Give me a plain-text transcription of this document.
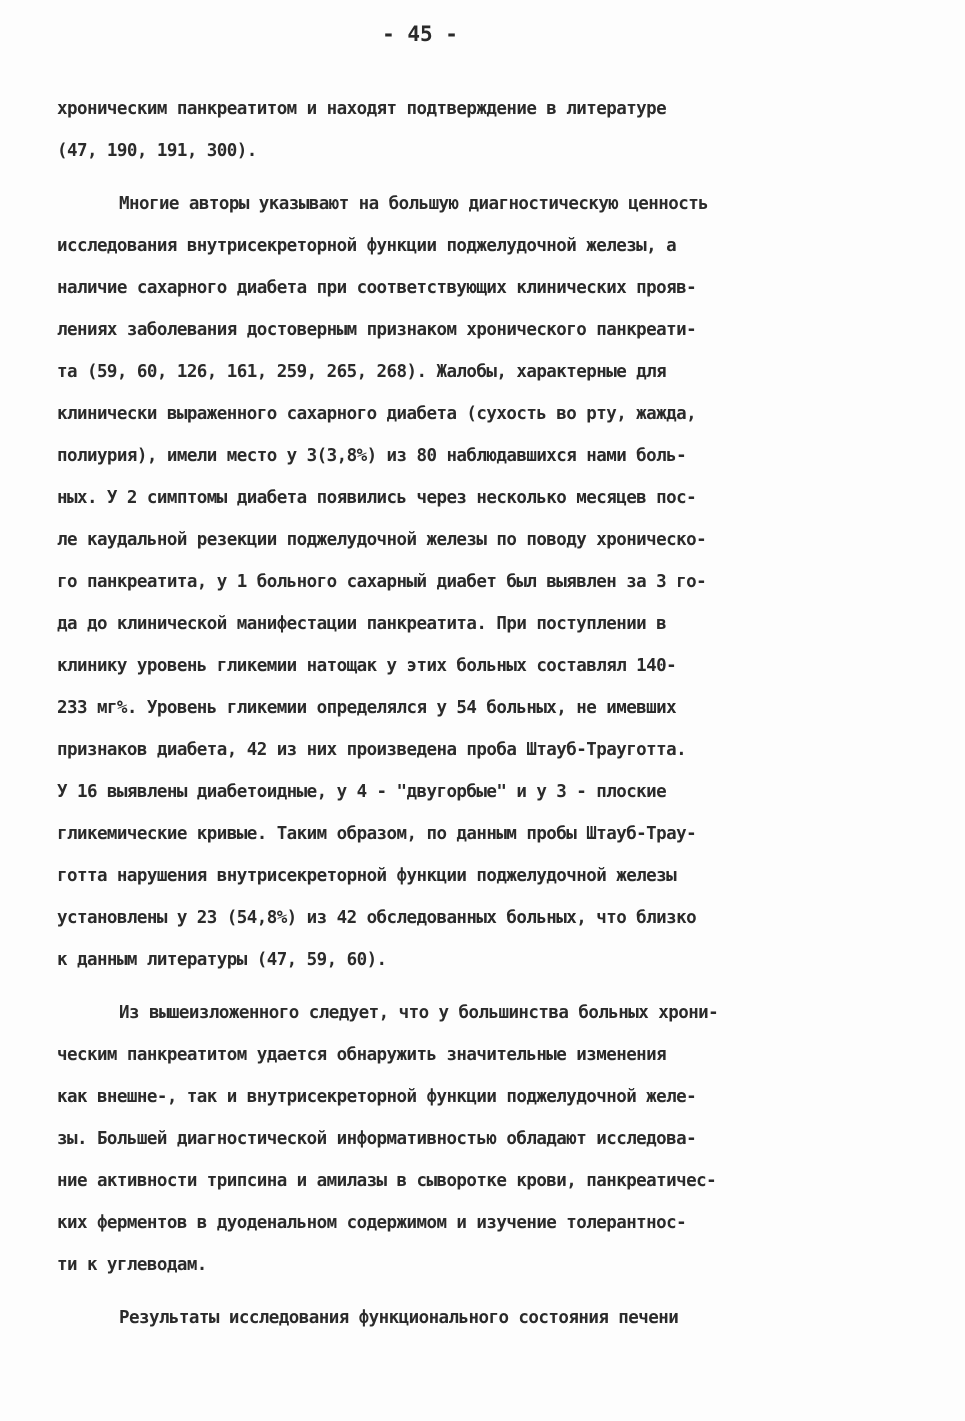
- 45 -
хроническим панкреатитом и находят подтверждение в литературе
(47, 190, 191, 300).
Многие авторы указывают на большую диагностическую ценность
исследования внутрисекреторной функции поджелудочной железы, а
наличие сахарного диабета при соответствующих клинических прояв-
лениях заболевания достоверным признаком хронического панкреати-
та (59, 60, 126, 161, 259, 265, 268). Жалобы, характерные для
клинически выраженного сахарного диабета (сухость во рту, жажда,
полиурия), имели место у 3(3,8%) из 80 наблюдавшихся нами боль-
ных. У 2 симптомы диабета появились через несколько месяцев пос-
ле каудальной резекции поджелудочной железы по поводу хроническо-
го панкреатита, у 1 больного сахарный диабет был выявлен за 3 го-
да до клинической манифестации панкреатита. При поступлении в
клинику уровень гликемии натощак у этих больных составлял 140-
233 мг%. Уровень гликемии определялся у 54 больных, не имевших
признаков диабета, 42 из них произведена проба Штауб-Трауготта.
У 16 выявлены диабетоидные, у 4 - "двугорбые" и у 3 - плоские
гликемические кривые. Таким образом, по данным пробы Штауб-Трау-
готта нарушения внутрисекреторной функции поджелудочной железы
установлены у 23 (54,8%) из 42 обследованных больных, что близко
к данным литературы (47, 59, 60).
Из вышеизложенного следует, что у большинства больных хрони-
ческим панкреатитом удается обнаружить значительные изменения
как внешне-, так и внутрисекреторной функции поджелудочной желе-
зы. Большей диагностической информативностью обладают исследова-
ние активности трипсина и амилазы в сыворотке крови, панкреатичес-
ких ферментов в дуоденальном содержимом и изучение толерантнос-
ти к углеводам.
Результаты исследования функционального состояния печени
